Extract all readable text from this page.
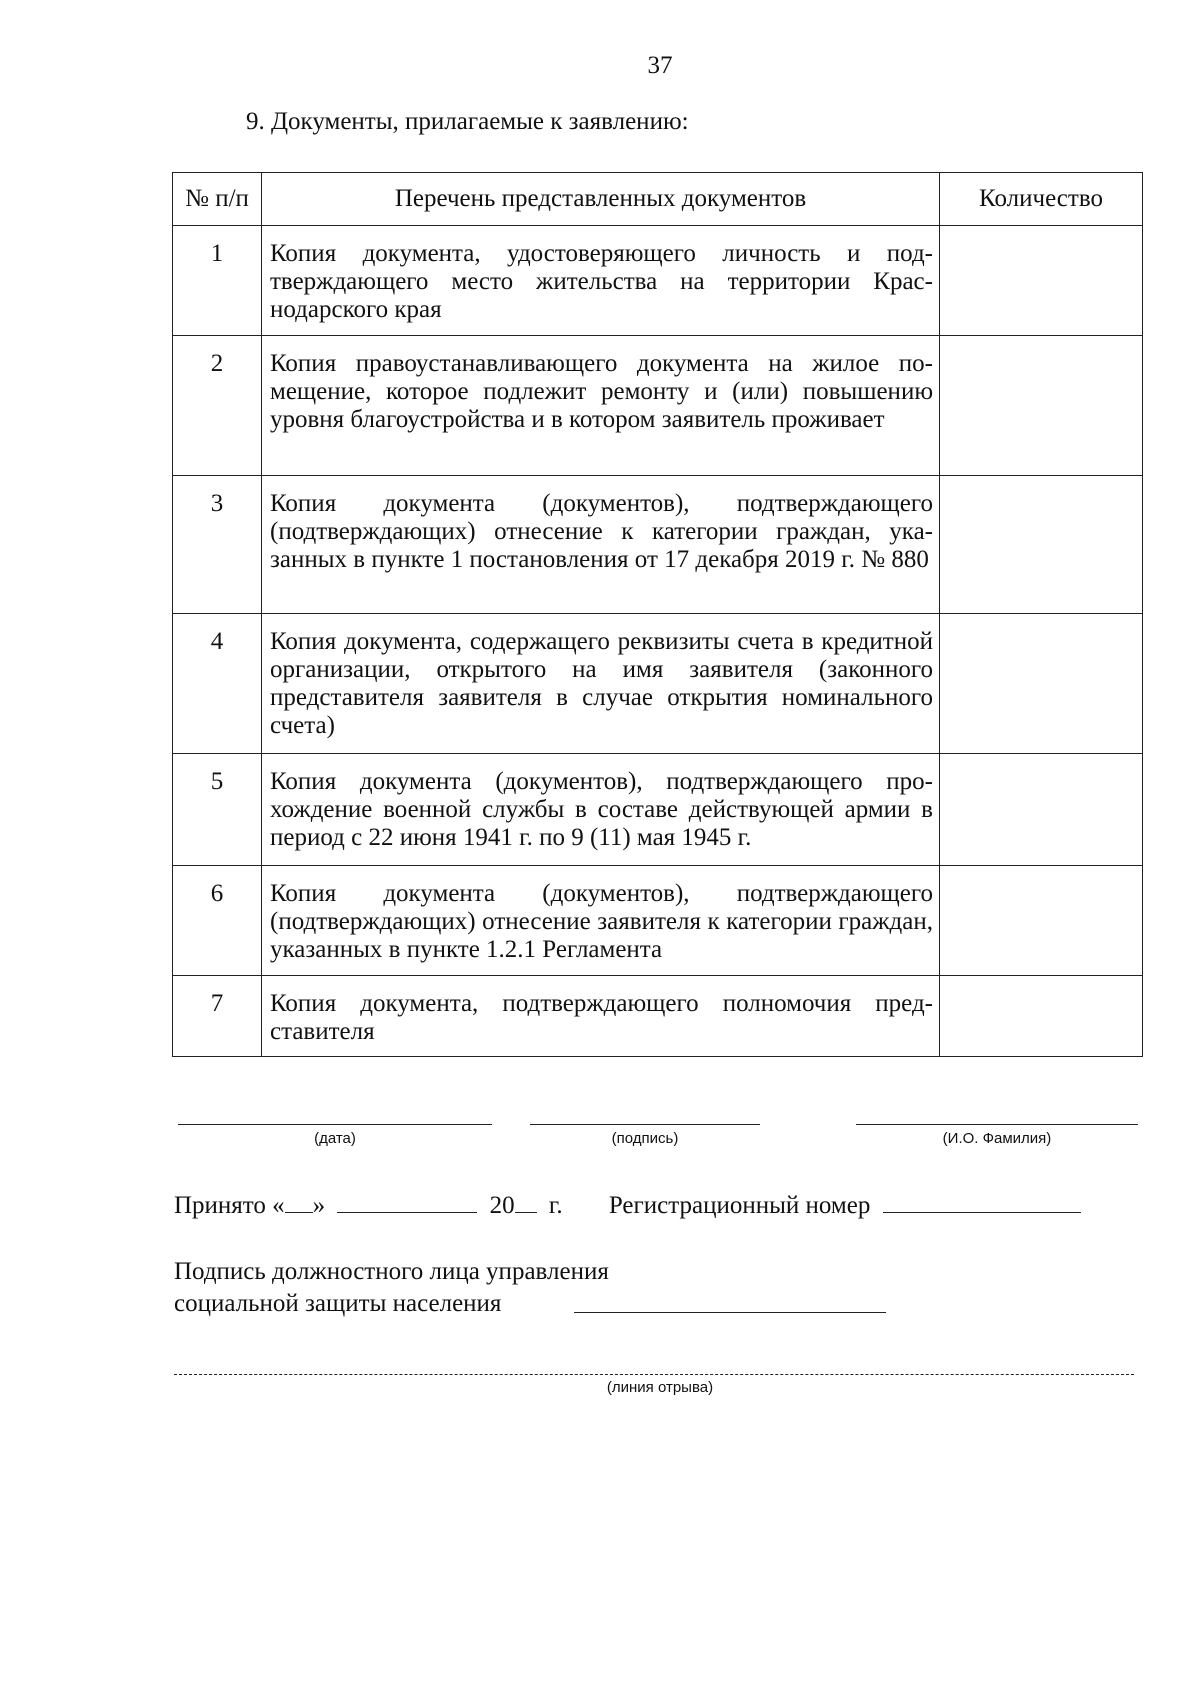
37
9. Документы, прилагаемые к заявлению:
№ п/п	Перечень представленных документов	Количество
1	Копия документа, удостоверяющего личность и подтверждающего место жительства на территории Краснодарского края	
2	Копия правоустанавливающего документа на жилое помещение, которое подлежит ремонту и (или) повышению уровня благоустройства и в котором заявитель проживает	
3	Копия документа (документов), подтверждающего (подтверждающих) отнесение к категории граждан, указанных в пункте 1 постановления от 17 декабря 2019 г. № 880	
4	Копия документа, содержащего реквизиты счета в кредитной организации, открытого на имя заявителя (законного представителя заявителя в случае открытия номинального счета)	
5	Копия документа (документов), подтверждающего прохождение военной службы в составе действующей армии в период с 22 июня 1941 г. по 9 (11) мая 1945 г.	
6	Копия документа (документов), подтверждающего (подтверждающих) отнесение заявителя к категории граждан, указанных в пункте 1.2.1 Регламента	
7	Копия документа, подтверждающего полномочия представителя	
(дата)	(подпись)	(И.О. Фамилия)
Принято « »	20 г. Регистрационный номер
Подпись должностного лица управления
социальной защиты населения
(линия отрыва)
